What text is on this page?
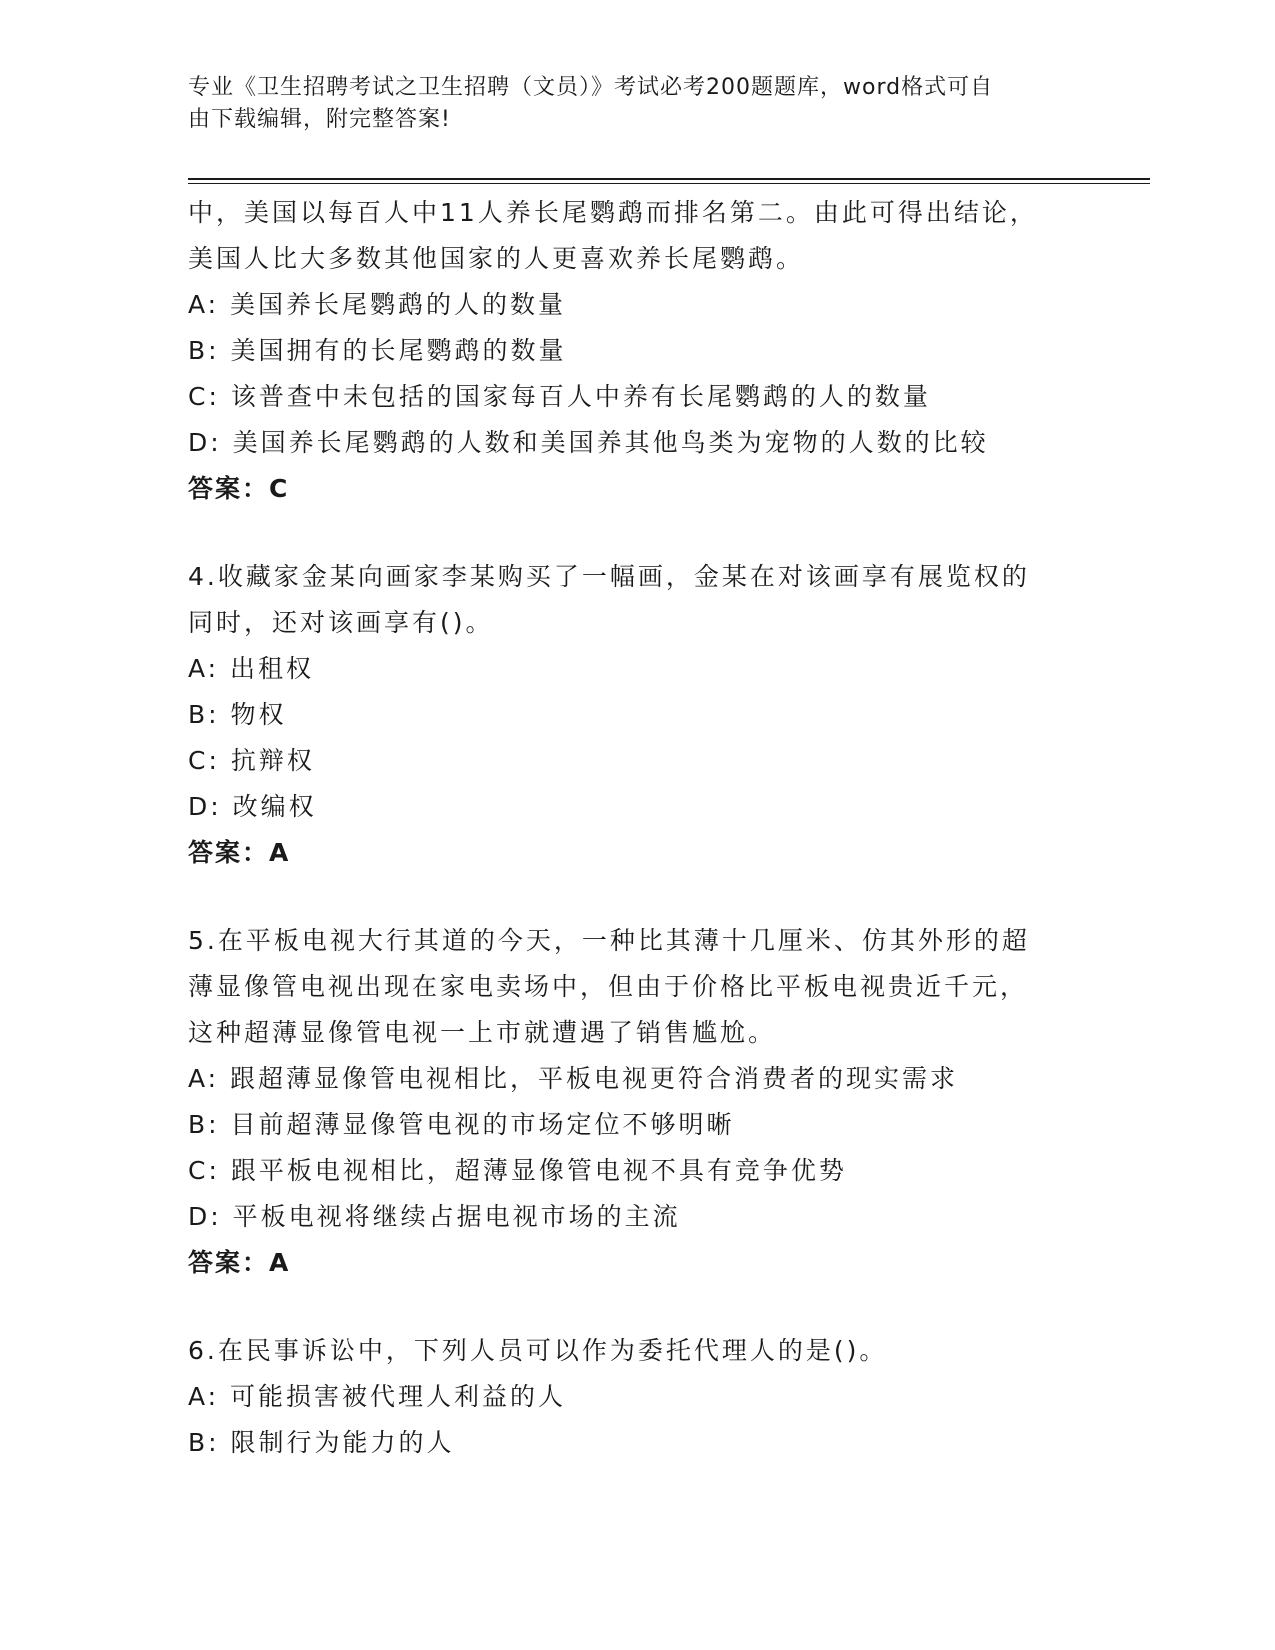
专业《卫生招聘考试之卫生招聘（文员）》考试必考200题题库，word格式可自
由下载编辑，附完整答案!
中，美国以每百人中11人养长尾鹦鹉而排名第二。由此可得出结论，
美国人比大多数其他国家的人更喜欢养长尾鹦鹉。
A: 美国养长尾鹦鹉的人的数量
B: 美国拥有的长尾鹦鹉的数量
C: 该普查中未包括的国家每百人中养有长尾鹦鹉的人的数量
D: 美国养长尾鹦鹉的人数和美国养其他鸟类为宠物的人数的比较
答案：C
4.收藏家金某向画家李某购买了一幅画，金某在对该画享有展览权的
同时，还对该画享有()。
A: 出租权
B: 物权
C: 抗辩权
D: 改编权
答案：A
5.在平板电视大行其道的今天，一种比其薄十几厘米、仿其外形的超
薄显像管电视出现在家电卖场中，但由于价格比平板电视贵近千元，
这种超薄显像管电视一上市就遭遇了销售尴尬。
A: 跟超薄显像管电视相比，平板电视更符合消费者的现实需求
B: 目前超薄显像管电视的市场定位不够明晰
C: 跟平板电视相比，超薄显像管电视不具有竞争优势
D: 平板电视将继续占据电视市场的主流
答案：A
6.在民事诉讼中，下列人员可以作为委托代理人的是()。
A: 可能损害被代理人利益的人
B: 限制行为能力的人
